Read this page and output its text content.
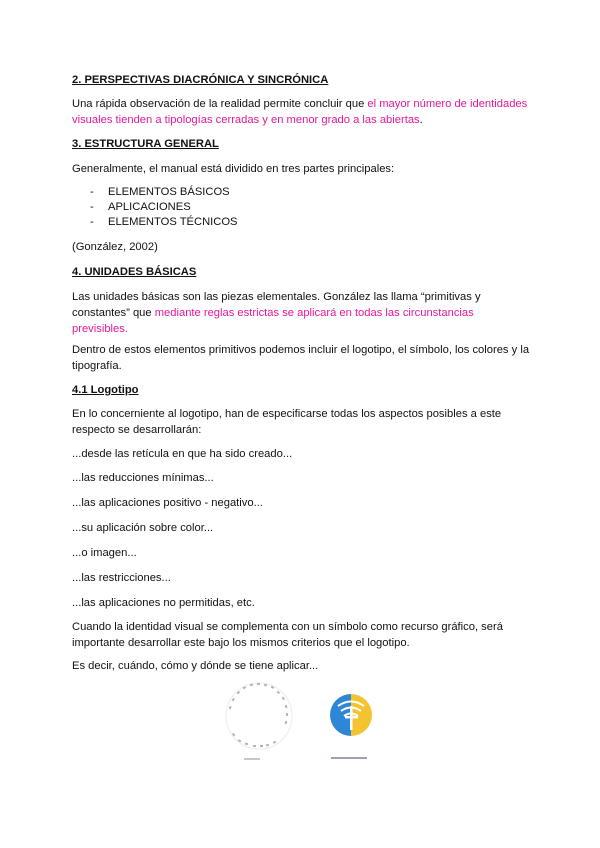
2. PERSPECTIVAS DIACRÓNICA Y SINCRÓNICA
Una rápida observación de la realidad permite concluir que el mayor número de identidades visuales tienden a tipologías cerradas y en menor grado a las abiertas.
3. ESTRUCTURA GENERAL
Generalmente, el manual está dividido en tres partes principales:
-	ELEMENTOS BÁSICOS
-	APLICACIONES
-	ELEMENTOS TÉCNICOS
(González, 2002)
4. UNIDADES BÁSICAS
Las unidades básicas son las piezas elementales. González las llama “primitivas y constantes” que mediante reglas estrictas se aplicará en todas las circunstancias previsibles.
Dentro de estos elementos primitivos podemos incluir el logotipo, el símbolo, los colores y la tipografía.
4.1 Logotipo
En lo concerniente al logotipo, han de especificarse todas los aspectos posibles a este respecto se desarrollarán:
...desde las retícula en que ha sido creado...
...las reducciones mínimas...
...las aplicaciones positivo - negativo...
...su aplicación sobre color...
...o imagen...
...las restricciones...
...las aplicaciones no permitidas, etc.
Cuando la identidad visual se complementa con un símbolo como recurso gráfico, será importante desarrollar este bajo los mismos criterios que el logotipo.
Es decir, cuándo, cómo y dónde se tiene aplicar...
